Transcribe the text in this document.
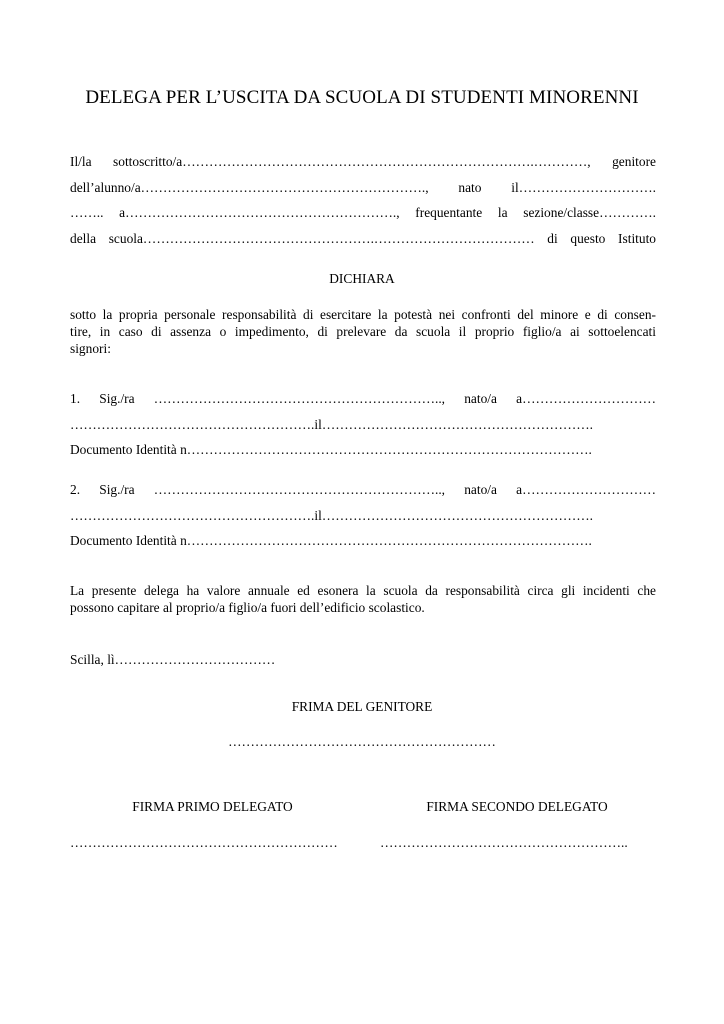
DELEGA PER L’USCITA DA SCUOLA DI STUDENTI MINORENNI
Il/la sottoscritto/a…………………………………………………………………….…………, genitore
dell’alunno/a………………………………………………………., nato il………………………….
…….. a……………………………………………………., frequentante la sezione/classe………….
della scuola…………………………………………….……………………………… di questo Istituto
DICHIARA
sotto la propria personale responsabilità di esercitare la potestà nei confronti del minore e di consen-
tire, in caso di assenza o impedimento, di prelevare da scuola il proprio figlio/a ai sottoelencati
signori:
1. Sig./ra ……………………………………………………….., nato/a a…………………………
……………………………………………….il…………………………………………………….
Documento Identità n……………………………………………………………………………….
2. Sig./ra ……………………………………………………….., nato/a a…………………………
……………………………………………….il…………………………………………………….
Documento Identità n……………………………………………………………………………….
La presente delega ha valore annuale ed esonera la scuola da responsabilità circa gli incidenti che
possono capitare al proprio/a figlio/a fuori dell’edificio scolastico.
Scilla, lì………………………………
FRIMA DEL GENITORE
……………………………………………………
FIRMA PRIMO DELEGATO	FIRMA SECONDO DELEGATO
……………………………………………………	………………………………………………..
